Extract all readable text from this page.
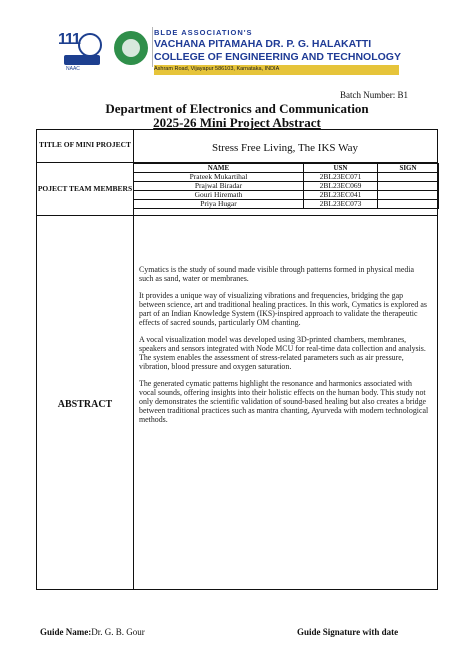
111
NAAC
BLDE ASSOCIATION'S
VACHANA PITAMAHA DR. P. G. HALAKATTI
COLLEGE OF ENGINEERING AND TECHNOLOGY
Ashram Road, Vijayapur 586103, Karnataka, INDIA
Batch Number: B1
Department of Electronics and Communication
2025-26 Mini Project Abstract
TITLE OF MINI PROJECT	Stress Free Living, The IKS Way
POJECT TEAM MEMBERS
NAME	USN	SIGN
Prateek Mukartihal	2BL23EC071	
Prajwal Biradar	2BL23EC069	
Gouri Hiremath	2BL23EC041	
Priya Hugar	2BL23EC073	
ABSTRACT

Cymatics is the study of sound made visible through patterns formed in physical media such as sand, water or membranes.

It provides a unique way of visualizing vibrations and frequencies, bridging the gap between science, art and traditional healing practices. In this work, Cymatics is explored as part of an Indian Knowledge System (IKS)-inspired approach to validate the therapeutic effects of sacred sounds, particularly OM chanting.

A vocal visualization model was developed using 3D-printed chambers, membranes, speakers and sensors integrated with Node MCU for real-time data collection and analysis. The system enables the assessment of stress-related parameters such as air pressure, vibration, blood pressure and oxygen saturation.

The generated cymatic patterns highlight the resonance and harmonics associated with vocal sounds, offering insights into their holistic effects on the human body. This study not only demonstrates the scientific validation of sound-based healing but also creates a bridge between traditional practices such as mantra chanting, Ayurveda with modern technological methods.

Guide Name:Dr. G. B. Gour	Guide Signature with date
